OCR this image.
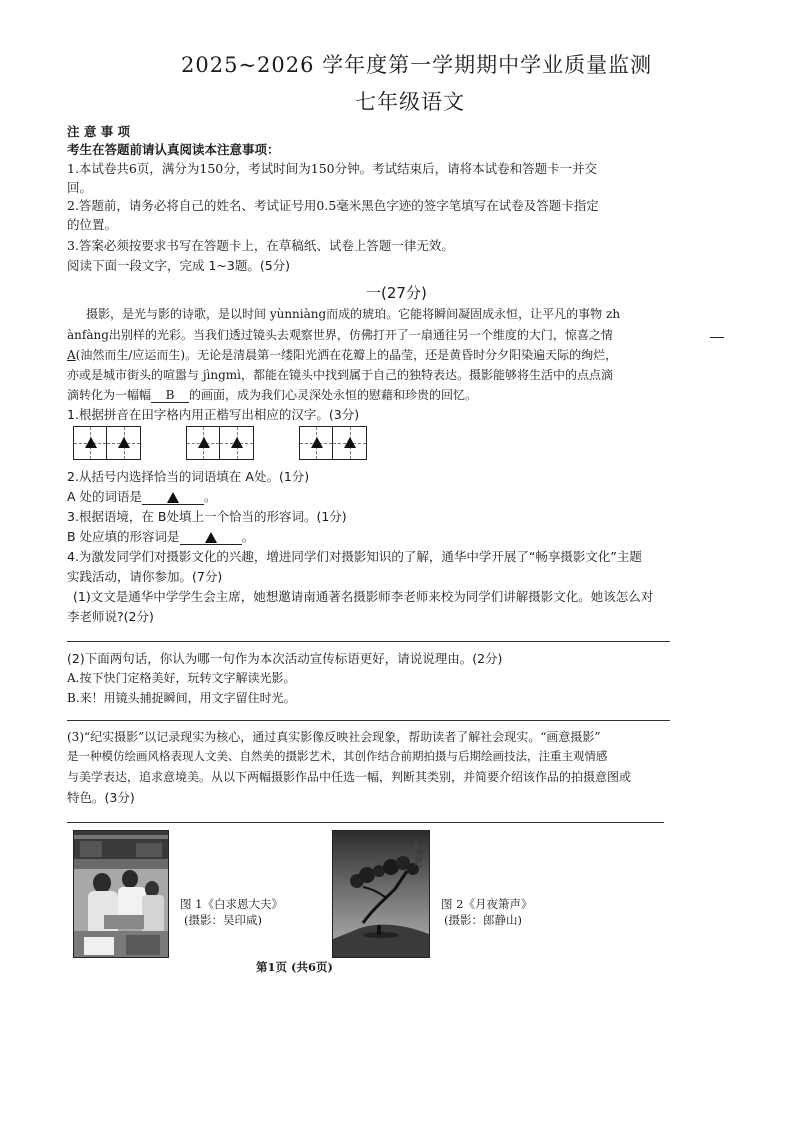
2025~2026 学年度第一学期期中学业质量监测
七年级语文
注 意 事 项
考生在答题前请认真阅读本注意事项：
1.本试卷共6页，满分为150分，考试时间为150分钟。考试结束后，请将本试卷和答题卡一并交
回。
2.答题前，请务必将自己的姓名、考试证号用0.5毫米黑色字迹的签字笔填写在试卷及答题卡指定
的位置。
3.答案必须按要求书写在答题卡上，在草稿纸、试卷上答题一律无效。
阅读下面一段文字，完成 1~3题。(5分)
一(27分)
摄影，是光与影的诗歌，是以时间 yùnniàng而成的琥珀。它能将瞬间凝固成永恒，让平凡的事物 zh
ànfàng出别样的光彩。当我们透过镜头去观察世界，仿佛打开了一扇通往另一个维度的大门，惊喜之情
A(油然而生/应运而生)。无论是清晨第一缕阳光洒在花瓣上的晶莹，还是黄昏时分夕阳染遍天际的绚烂，
亦或是城市街头的喧嚣与 jìngmì，都能在镜头中找到属于自己的独特表达。摄影能够将生活中的点点滴
滴转化为一幅幅 B 的画面，成为我们心灵深处永恒的慰藉和珍贵的回忆。
1.根据拼音在田字格内用正楷写出相应的汉字。(3分)
2.从括号内选择恰当的词语填在 A处。(1分)
A 处的词语是	。
3.根据语境，在 B处填上一个恰当的形容词。(1分)
B 处应填的形容词是	。
4.为激发同学们对摄影文化的兴趣，增进同学们对摄影知识的了解，通华中学开展了“畅享摄影文化”主题
实践活动，请你参加。(7分)
(1)文文是通华中学学生会主席，她想邀请南通著名摄影师李老师来校为同学们讲解摄影文化。她该怎么对
李老师说?(2分)
(2)下面两句话，你认为哪一句作为本次活动宣传标语更好，请说说理由。(2分)
A.按下快门定格美好，玩转文字解读光影。
B.来！用镜头捕捉瞬间，用文字留住时光。
(3)“纪实摄影”以记录现实为核心，通过真实影像反映社会现象，帮助读者了解社会现实。“画意摄影”
是一种模仿绘画风格表现人文美、自然美的摄影艺术，其创作结合前期拍摄与后期绘画技法，注重主观情感
与美学表达，追求意境美。从以下两幅摄影作品中任选一幅，判断其类别，并简要介绍该作品的拍摄意图或
特色。(3分)
图 1《白求恩大夫》
(摄影：吴印咸)
月夜箫声
图 2《月夜箫声》
(摄影：郎静山)
第1页 (共6页)
